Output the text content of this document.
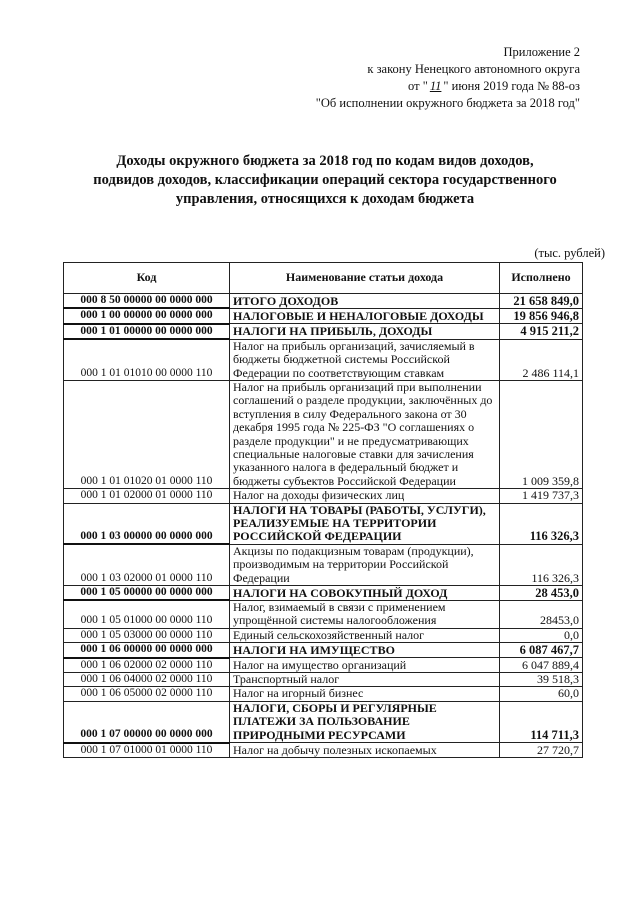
Приложение 2
к закону Ненецкого автономного округа
от " 11 " июня 2019 года № 88-оз
"Об исполнении окружного бюджета за 2018 год"
Доходы окружного бюджета за 2018 год по кодам видов доходов,
подвидов доходов, классификации операций сектора государственного
управления, относящихся к доходам бюджета
(тыс. рублей)
Код	Наименование статьи дохода	Исполнено
000 8 50 00000 00 0000 000	ИТОГО ДОХОДОВ	21 658 849,0
000 1 00 00000 00 0000 000	НАЛОГОВЫЕ И НЕНАЛОГОВЫЕ ДОХОДЫ	19 856 946,8
000 1 01 00000 00 0000 000	НАЛОГИ НА ПРИБЫЛЬ, ДОХОДЫ	4 915 211,2
000 1 01 01010 00 0000 110	Налог на прибыль организаций, зачисляемый в бюджеты бюджетной системы Российской Федерации по соответствующим ставкам	2 486 114,1
000 1 01 01020 01 0000 110	Налог на прибыль организаций при выполнении соглашений о разделе продукции, заключённых до вступления в силу Федерального закона от 30 декабря 1995 года № 225-ФЗ "О соглашениях о разделе продукции" и не предусматривающих специальные налоговые ставки для зачисления указанного налога в федеральный бюджет и бюджеты субъектов Российской Федерации	1 009 359,8
000 1 01 02000 01 0000 110	Налог на доходы физических лиц	1 419 737,3
000 1 03 00000 00 0000 000	НАЛОГИ НА ТОВАРЫ (РАБОТЫ, УСЛУГИ), РЕАЛИЗУЕМЫЕ НА ТЕРРИТОРИИ РОССИЙСКОЙ ФЕДЕРАЦИИ	116 326,3
000 1 03 02000 01 0000 110	Акцизы по подакцизным товарам (продукции), производимым на территории Российской Федерации	116 326,3
000 1 05 00000 00 0000 000	НАЛОГИ НА СОВОКУПНЫЙ ДОХОД	28 453,0
000 1 05 01000 00 0000 110	Налог, взимаемый в связи с применением упрощённой системы налогообложения	28453,0
000 1 05 03000 00 0000 110	Единый сельскохозяйственный налог	0,0
000 1 06 00000 00 0000 000	НАЛОГИ НА ИМУЩЕСТВО	6 087 467,7
000 1 06 02000 02 0000 110	Налог на имущество организаций	6 047 889,4
000 1 06 04000 02 0000 110	Транспортный налог	39 518,3
000 1 06 05000 02 0000 110	Налог на игорный бизнес	60,0
000 1 07 00000 00 0000 000	НАЛОГИ, СБОРЫ И РЕГУЛЯРНЫЕ ПЛАТЕЖИ ЗА ПОЛЬЗОВАНИЕ ПРИРОДНЫМИ РЕСУРСАМИ	114 711,3
000 1 07 01000 01 0000 110	Налог на добычу полезных ископаемых	27 720,7
